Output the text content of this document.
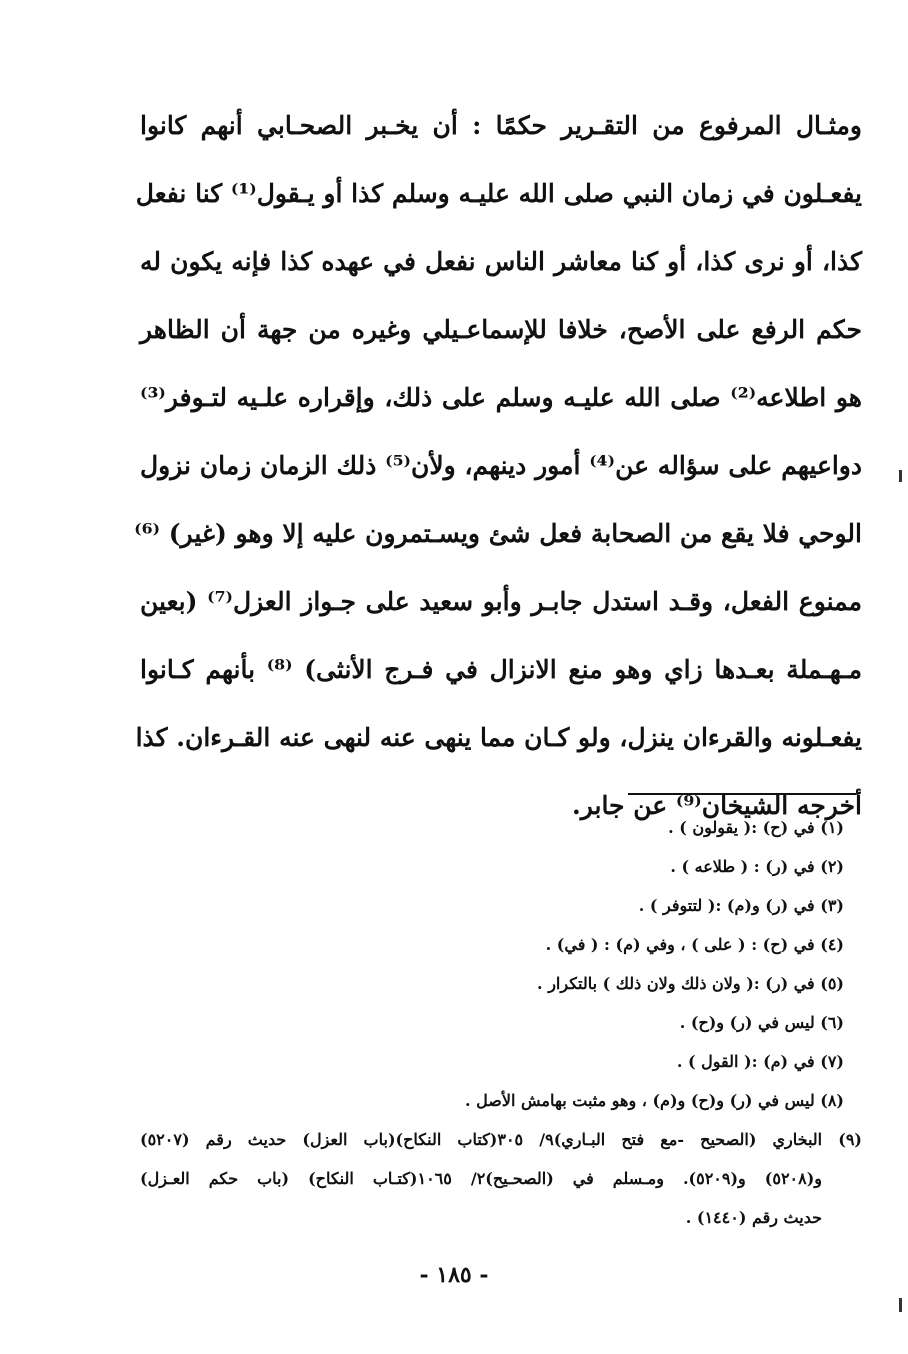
ومثـال المرفوع من التقـرير حكمًا : أن يخـبر الصحـابي أنهم كانوا
يفعـلون في زمان النبي صلى الله عليـه وسلم كذا أو يـقول⁽¹⁾ كنا نفعل
كذا، أو نرى كذا، أو كنا معاشر الناس نفعل في عهده كذا فإنه يكون له
حكم الرفع على الأصح، خلافا للإسماعـيلي وغيره من جهة أن الظاهر
هو اطلاعه⁽²⁾ صلى الله عليـه وسلم على ذلك، وإقراره علـيه لتـوفر⁽³⁾
دواعيهم على سؤاله عن⁽⁴⁾ أمور دينهم، ولأن⁽⁵⁾ ذلك الزمان زمان نزول
الوحي فلا يقع من الصحابة فعل شئ ويسـتمرون عليه إلا وهو (غير) ⁽⁶⁾
ممنوع الفعل، وقـد استدل جابـر وأبو سعيد على جـواز العزل⁽⁷⁾ (بعين
مـهـملة بعـدها زاي وهو منع الانزال في فـرج الأنثى) ⁽⁸⁾ بأنهم كـانوا
يفعـلونه والقرءان ينزل، ولو كـان مما ينهى عنه لنهى عنه القـرءان. كذا
أخرجه الشيخان⁽⁹⁾ عن جابر.
(١) في (ح) :( يقولون ) .
(٢) في (ر) : ( طلاعه ) .
(٣) في (ر) و(م) :( لتتوفر ) .
(٤) في (ح) : ( على ) ، وفي (م) : ( في) .
(٥) في (ر) :( ولان ذلك ولان ذلك ) بالتكرار .
(٦) ليس في (ر) و(ح) .
(٧) في (م) :( القول ) .
(٨) ليس في (ر) و(ح) و(م) ، وهو مثبت بهامش الأصل .
(٩) البخاري (الصحيح -مع فتح البـاري)٩/ ٣٠٥(كتاب النكاح)(باب العزل) حديث رقم (٥٢٠٧)
و(٥٢٠٨) و(٥٢٠٩). ومـسلم في (الصحـيح)٢/ ١٠٦٥(كتـاب النكاح) (باب حكم العـزل)
حديث رقم (١٤٤٠) .
- ١٨٥ -
